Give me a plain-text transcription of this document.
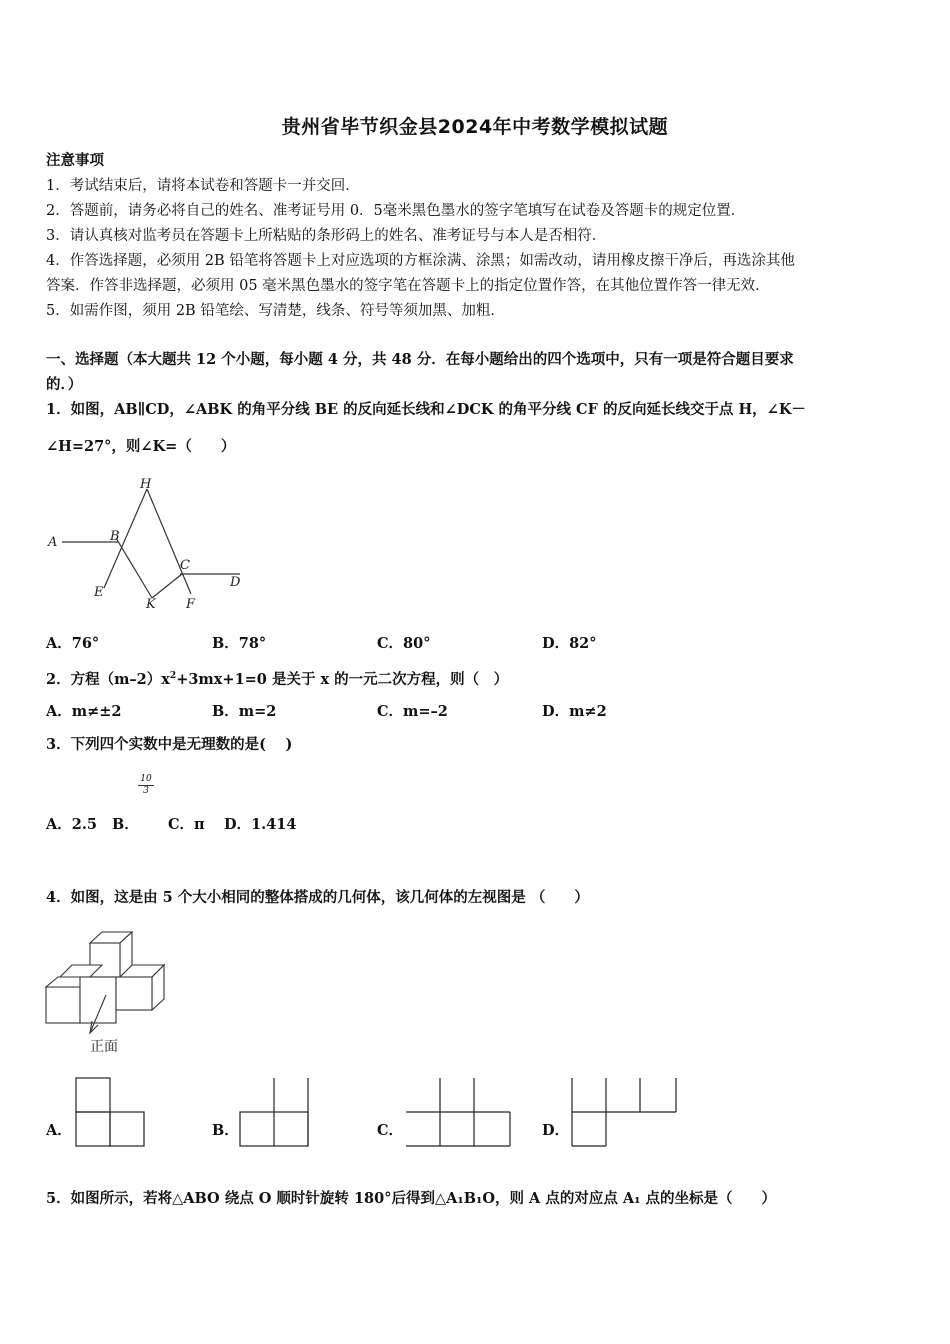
贵州省毕节织金县2024年中考数学模拟试题
注意事项
1．考试结束后，请将本试卷和答题卡一并交回．
2．答题前，请务必将自己的姓名、准考证号用 0．5毫米黑色墨水的签字笔填写在试卷及答题卡的规定位置．
3．请认真核对监考员在答题卡上所粘贴的条形码上的姓名、准考证号与本人是否相符．
4．作答选择题，必须用 2B 铅笔将答题卡上对应选项的方框涂满、涂黑；如需改动，请用橡皮擦干净后，再选涂其他
答案．作答非选择题，必须用 05 毫米黑色墨水的签字笔在答题卡上的指定位置作答，在其他位置作答一律无效．
5．如需作图，须用 2B 铅笔绘、写清楚，线条、符号等须加黑、加粗．
一、选择题（本大题共 12 个小题，每小题 4 分，共 48 分．在每小题给出的四个选项中，只有一项是符合题目要求
的．）
1．如图，AB∥CD，∠ABK 的角平分线 BE 的反向延长线和∠DCK 的角平分线 CF 的反向延长线交于点 H，∠K－
∠H=27°，则∠K=（　　）
A	B
H
C
D
E
K F
A．76°	B．78°	C．80°	D．82°
2．方程$(m-2)x^2+3mx+1=0$ 是关于 x 的一元二次方程，则（　）
A．m≠±2	B．m=2	C．m=–2	D．m≠2
3．下列四个实数中是无理数的是(　 )
$\frac{10}{3}$
A．2.5 B． C．π D．1.414
4．如图，这是由 5 个大小相同的整体搭成的几何体，该几何体的左视图是 （　　）
正面
A．	B．	C．	D．
5．如图所示，若将△ABO 绕点 O 顺时针旋转 180°后得到△A₁B₁O，则 A 点的对应点 A₁ 点的坐标是（　　）
